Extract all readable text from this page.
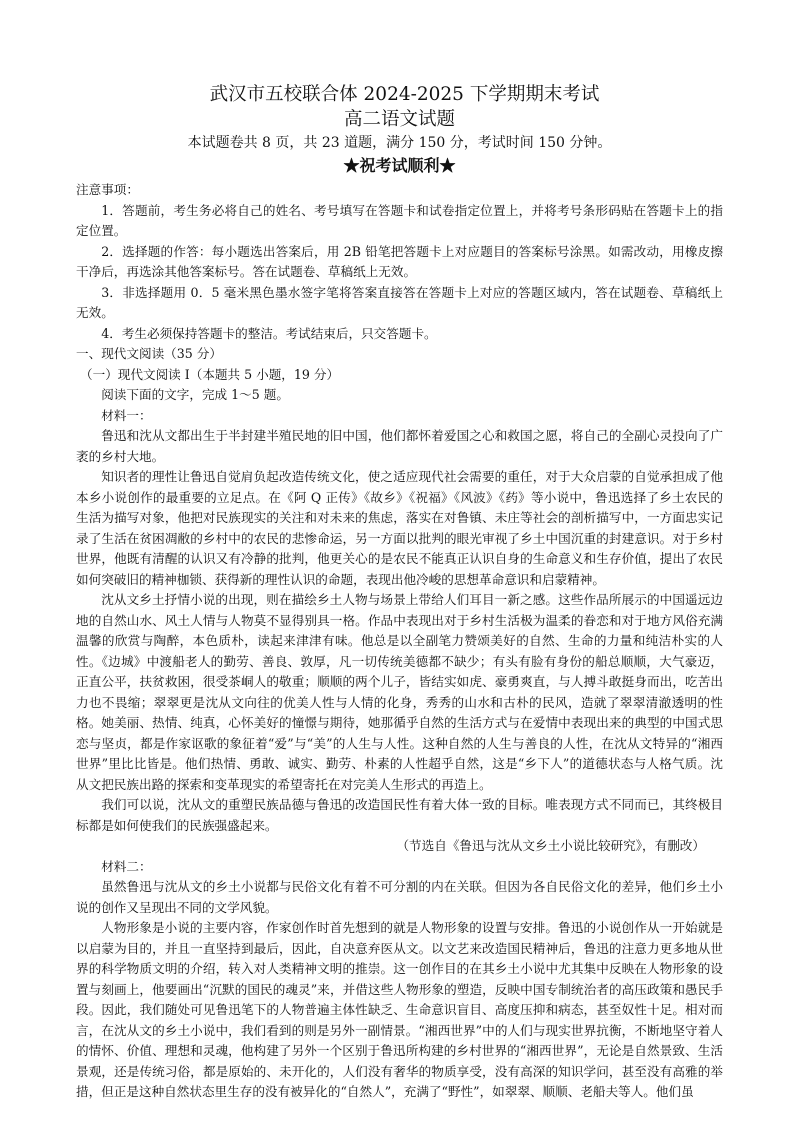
武汉市五校联合体 2024-2025 下学期期末考试
高二语文试题
本试题卷共 8 页，共 23 道题，满分 150 分，考试时间 150 分钟。
★祝考试顺利★

注意事项：

1．答题前，考生务必将自己的姓名、考号填写在答题卡和试卷指定位置上，并将考号条形码贴在答题卡上的指定位置。

2．选择题的作答：每小题选出答案后，用 2B 铅笔把答题卡上对应题目的答案标号涂黑。如需改动，用橡皮擦干净后，再选涂其他答案标号。答在试题卷、草稿纸上无效。

3．非选择题用 0．5 毫米黑色墨水签字笔将答案直接答在答题卡上对应的答题区域内，答在试题卷、草稿纸上无效。

4．考生必须保持答题卡的整洁。考试结束后，只交答题卡。

一、现代文阅读（35 分）

（一）现代文阅读 I（本题共 5 小题，19 分）

阅读下面的文字，完成 1～5 题。

材料一：

鲁迅和沈从文都出生于半封建半殖民地的旧中国，他们都怀着爱国之心和救国之愿，将自己的全副心灵投向了广袤的乡村大地。

知识者的理性让鲁迅自觉肩负起改造传统文化，使之适应现代社会需要的重任，对于大众启蒙的自觉承担成了他本乡小说创作的最重要的立足点。在《阿 Q 正传》《故乡》《祝福》《风波》《药》等小说中，鲁迅选择了乡土农民的生活为描写对象，他把对民族现实的关注和对未来的焦虑，落实在对鲁镇、未庄等社会的剖析描写中，一方面忠实记录了生活在贫困凋敝的乡村中的农民的悲惨命运，另一方面以批判的眼光审视了乡土中国沉重的封建意识。对于乡村世界，他既有清醒的认识又有冷静的批判，他更关心的是农民不能真正认识自身的生命意义和生存价值，提出了农民如何突破旧的精神枷锁、获得新的理性认识的命题，表现出他冷峻的思想革命意识和启蒙精神。

沈从文乡土抒情小说的出现，则在描绘乡土人物与场景上带给人们耳目一新之感。这些作品所展示的中国遥远边地的自然山水、风土人情与人物莫不显得别具一格。作品中表现出对于乡村生活极为温柔的眷恋和对于地方风俗充满温馨的欣赏与陶醉，本色质朴，读起来津津有味。他总是以全副笔力赞颂美好的自然、生命的力量和纯洁朴实的人性。《边城》中渡船老人的勤劳、善良、敦厚，凡一切传统美德都不缺少；有头有脸有身份的船总顺顺，大气豪迈，正直公平，扶贫救困，很受茶峒人的敬重；顺顺的两个儿子，皆结实如虎、豪勇爽直，与人搏斗敢挺身而出，吃苦出力也不畏缩；翠翠更是沈从文向往的优美人性与人情的化身，秀秀的山水和古朴的民风，造就了翠翠清澈透明的性格。她美丽、热情、纯真，心怀美好的憧憬与期待，她那循乎自然的生活方式与在爱情中表现出来的典型的中国式思恋与坚贞，都是作家讴歌的象征着“爱”与“美”的人生与人性。这种自然的人生与善良的人性，在沈从文特异的“湘西世界”里比比皆是。他们热情、勇敢、诚实、勤劳、朴素的人性超乎自然，这是“乡下人”的道德状态与人格气质。沈从文把民族出路的探索和变革现实的希望寄托在对完美人生形式的再造上。

我们可以说，沈从文的重塑民族品德与鲁迅的改造国民性有着大体一致的目标。唯表现方式不同而已，其终极目标都是如何使我们的民族强盛起来。

（节选自《鲁迅与沈从文乡土小说比较研究》，有删改）

材料二：

虽然鲁迅与沈从文的乡土小说都与民俗文化有着不可分割的内在关联。但因为各自民俗文化的差异，他们乡土小说的创作又呈现出不同的文学风貌。

人物形象是小说的主要内容，作家创作时首先想到的就是人物形象的设置与安排。鲁迅的小说创作从一开始就是以启蒙为目的，并且一直坚持到最后，因此，自决意弃医从文。以文艺来改造国民精神后，鲁迅的注意力更多地从世界的科学物质文明的介绍，转入对人类精神文明的推崇。这一创作目的在其乡土小说中尤其集中反映在人物形象的设置与刻画上，他要画出“沉默的国民的魂灵”来，并借这些人物形象的塑造，反映中国专制统治者的高压政策和愚民手段。因此，我们随处可见鲁迅笔下的人物普遍主体性缺乏、生命意识盲目、高度压抑和病态，甚至奴性十足。相对而言，在沈从文的乡土小说中，我们看到的则是另外一副情景。“湘西世界”中的人们与现实世界抗衡，不断地坚守着人的情怀、价值、理想和灵魂，他构建了另外一个区别于鲁迅所构建的乡村世界的“湘西世界”，无论是自然景致、生活景观，还是传统习俗，都是原始的、未开化的，人们没有奢华的物质享受，没有高深的知识学问，甚至没有高雅的举措，但正是这种自然状态里生存的没有被异化的“自然人”，充满了“野性”，如翠翠、顺顺、老船夫等人。他们虽
